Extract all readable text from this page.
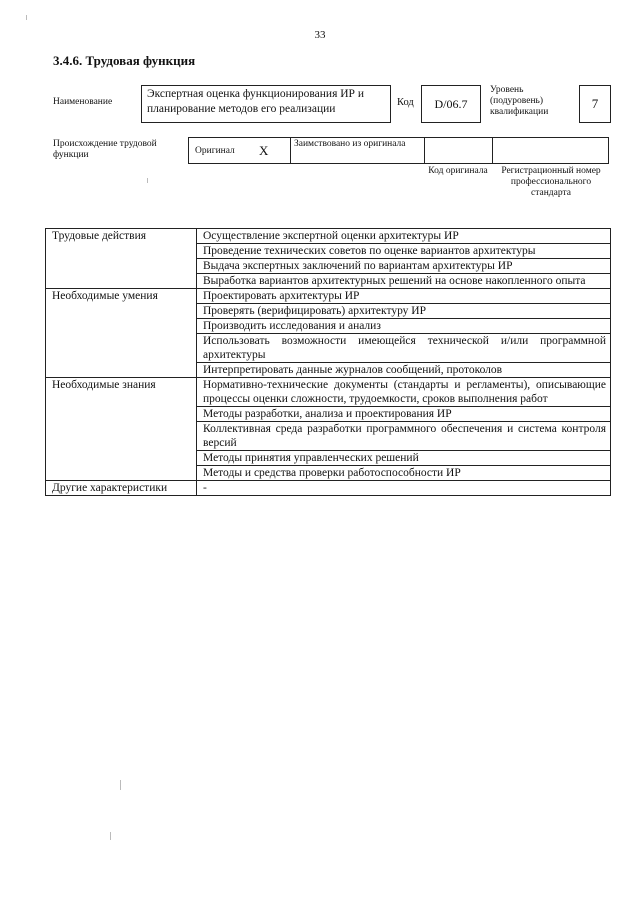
33
3.4.6. Трудовая функция
Наименование
Экспертная оценка функционирования ИР и планирование методов его реализации
Код	D/06.7
Уровень (подуровень) квалификации
7
Происхождение трудовой функции	Оригинал X	Заимствовано из оригинала
Код оригинала	Регистрационный номер профессионального стандарта
Трудовые действия	Осуществление экспертной оценки архитектуры ИР
	Проведение технических советов по оценке вариантов архитектуры
	Выдача экспертных заключений по вариантам архитектуры ИР
	Выработка вариантов архитектурных решений на основе накопленного опыта
Необходимые умения	Проектировать архитектуры ИР
	Проверять (верифицировать) архитектуру ИР
	Производить исследования и анализ
	Использовать возможности имеющейся технической и/или программной архитектуры
	Интерпретировать данные журналов сообщений, протоколов
Необходимые знания	Нормативно-технические документы (стандарты и регламенты), описывающие процессы оценки сложности, трудоемкости, сроков выполнения работ
	Методы разработки, анализа и проектирования ИР
	Коллективная среда разработки программного обеспечения и система контроля версий
	Методы принятия управленческих решений
	Методы и средства проверки работоспособности ИР
Другие характеристики	-
